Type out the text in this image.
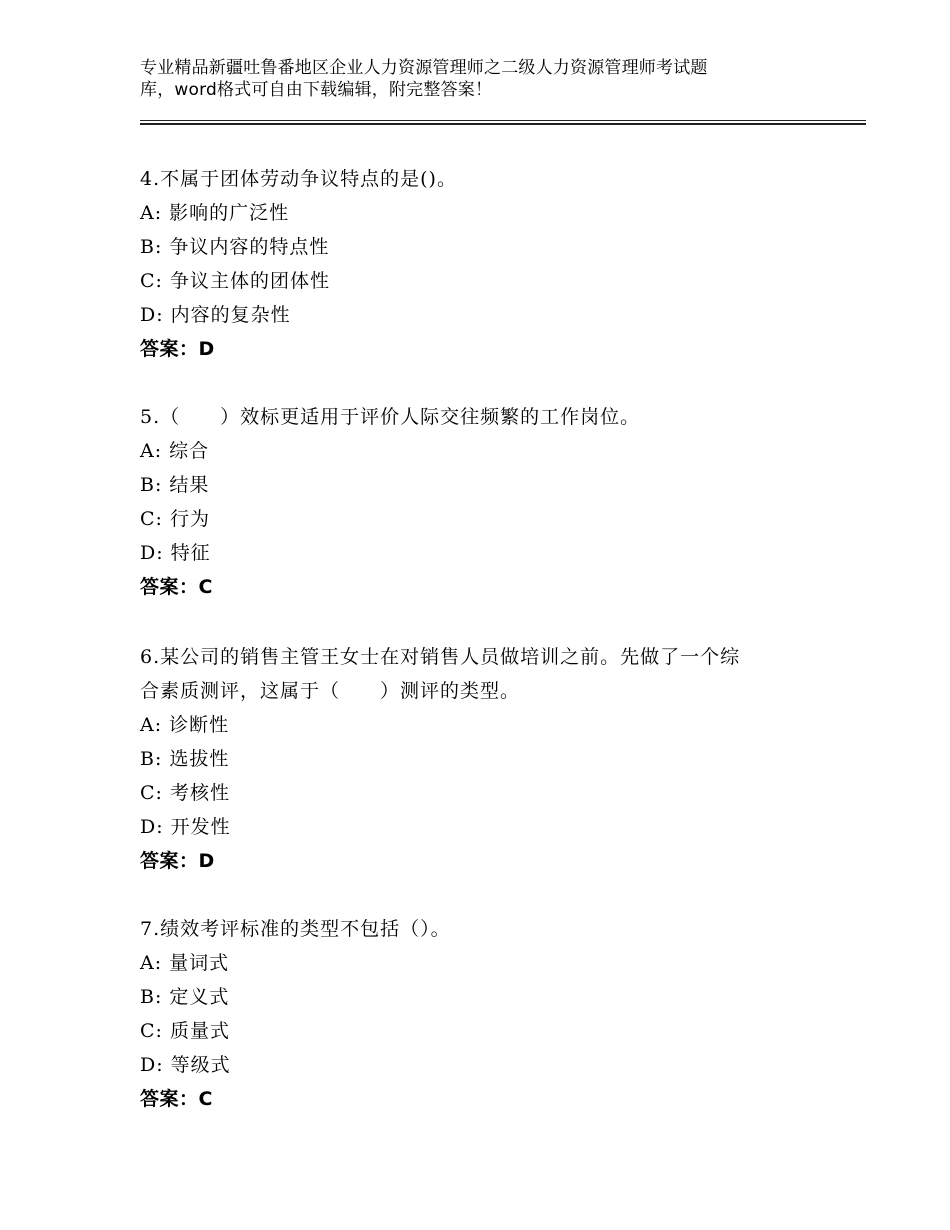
专业精品新疆吐鲁番地区企业人力资源管理师之二级人力资源管理师考试题
库，word格式可自由下载编辑，附完整答案！

4.不属于团体劳动争议特点的是()。

A: 影响的广泛性

B: 争议内容的特点性

C: 争议主体的团体性

D: 内容的复杂性

答案：D

5.（　　）效标更适用于评价人际交往频繁的工作岗位。

A: 综合

B: 结果

C: 行为

D: 特征

答案：C

6.某公司的销售主管王女士在对销售人员做培训之前。先做了一个综

合素质测评，这属于（　　）测评的类型。

A: 诊断性

B: 选拔性

C: 考核性

D: 开发性

答案：D

7.绩效考评标准的类型不包括（）。

A: 量词式

B: 定义式

C: 质量式

D: 等级式

答案：C
